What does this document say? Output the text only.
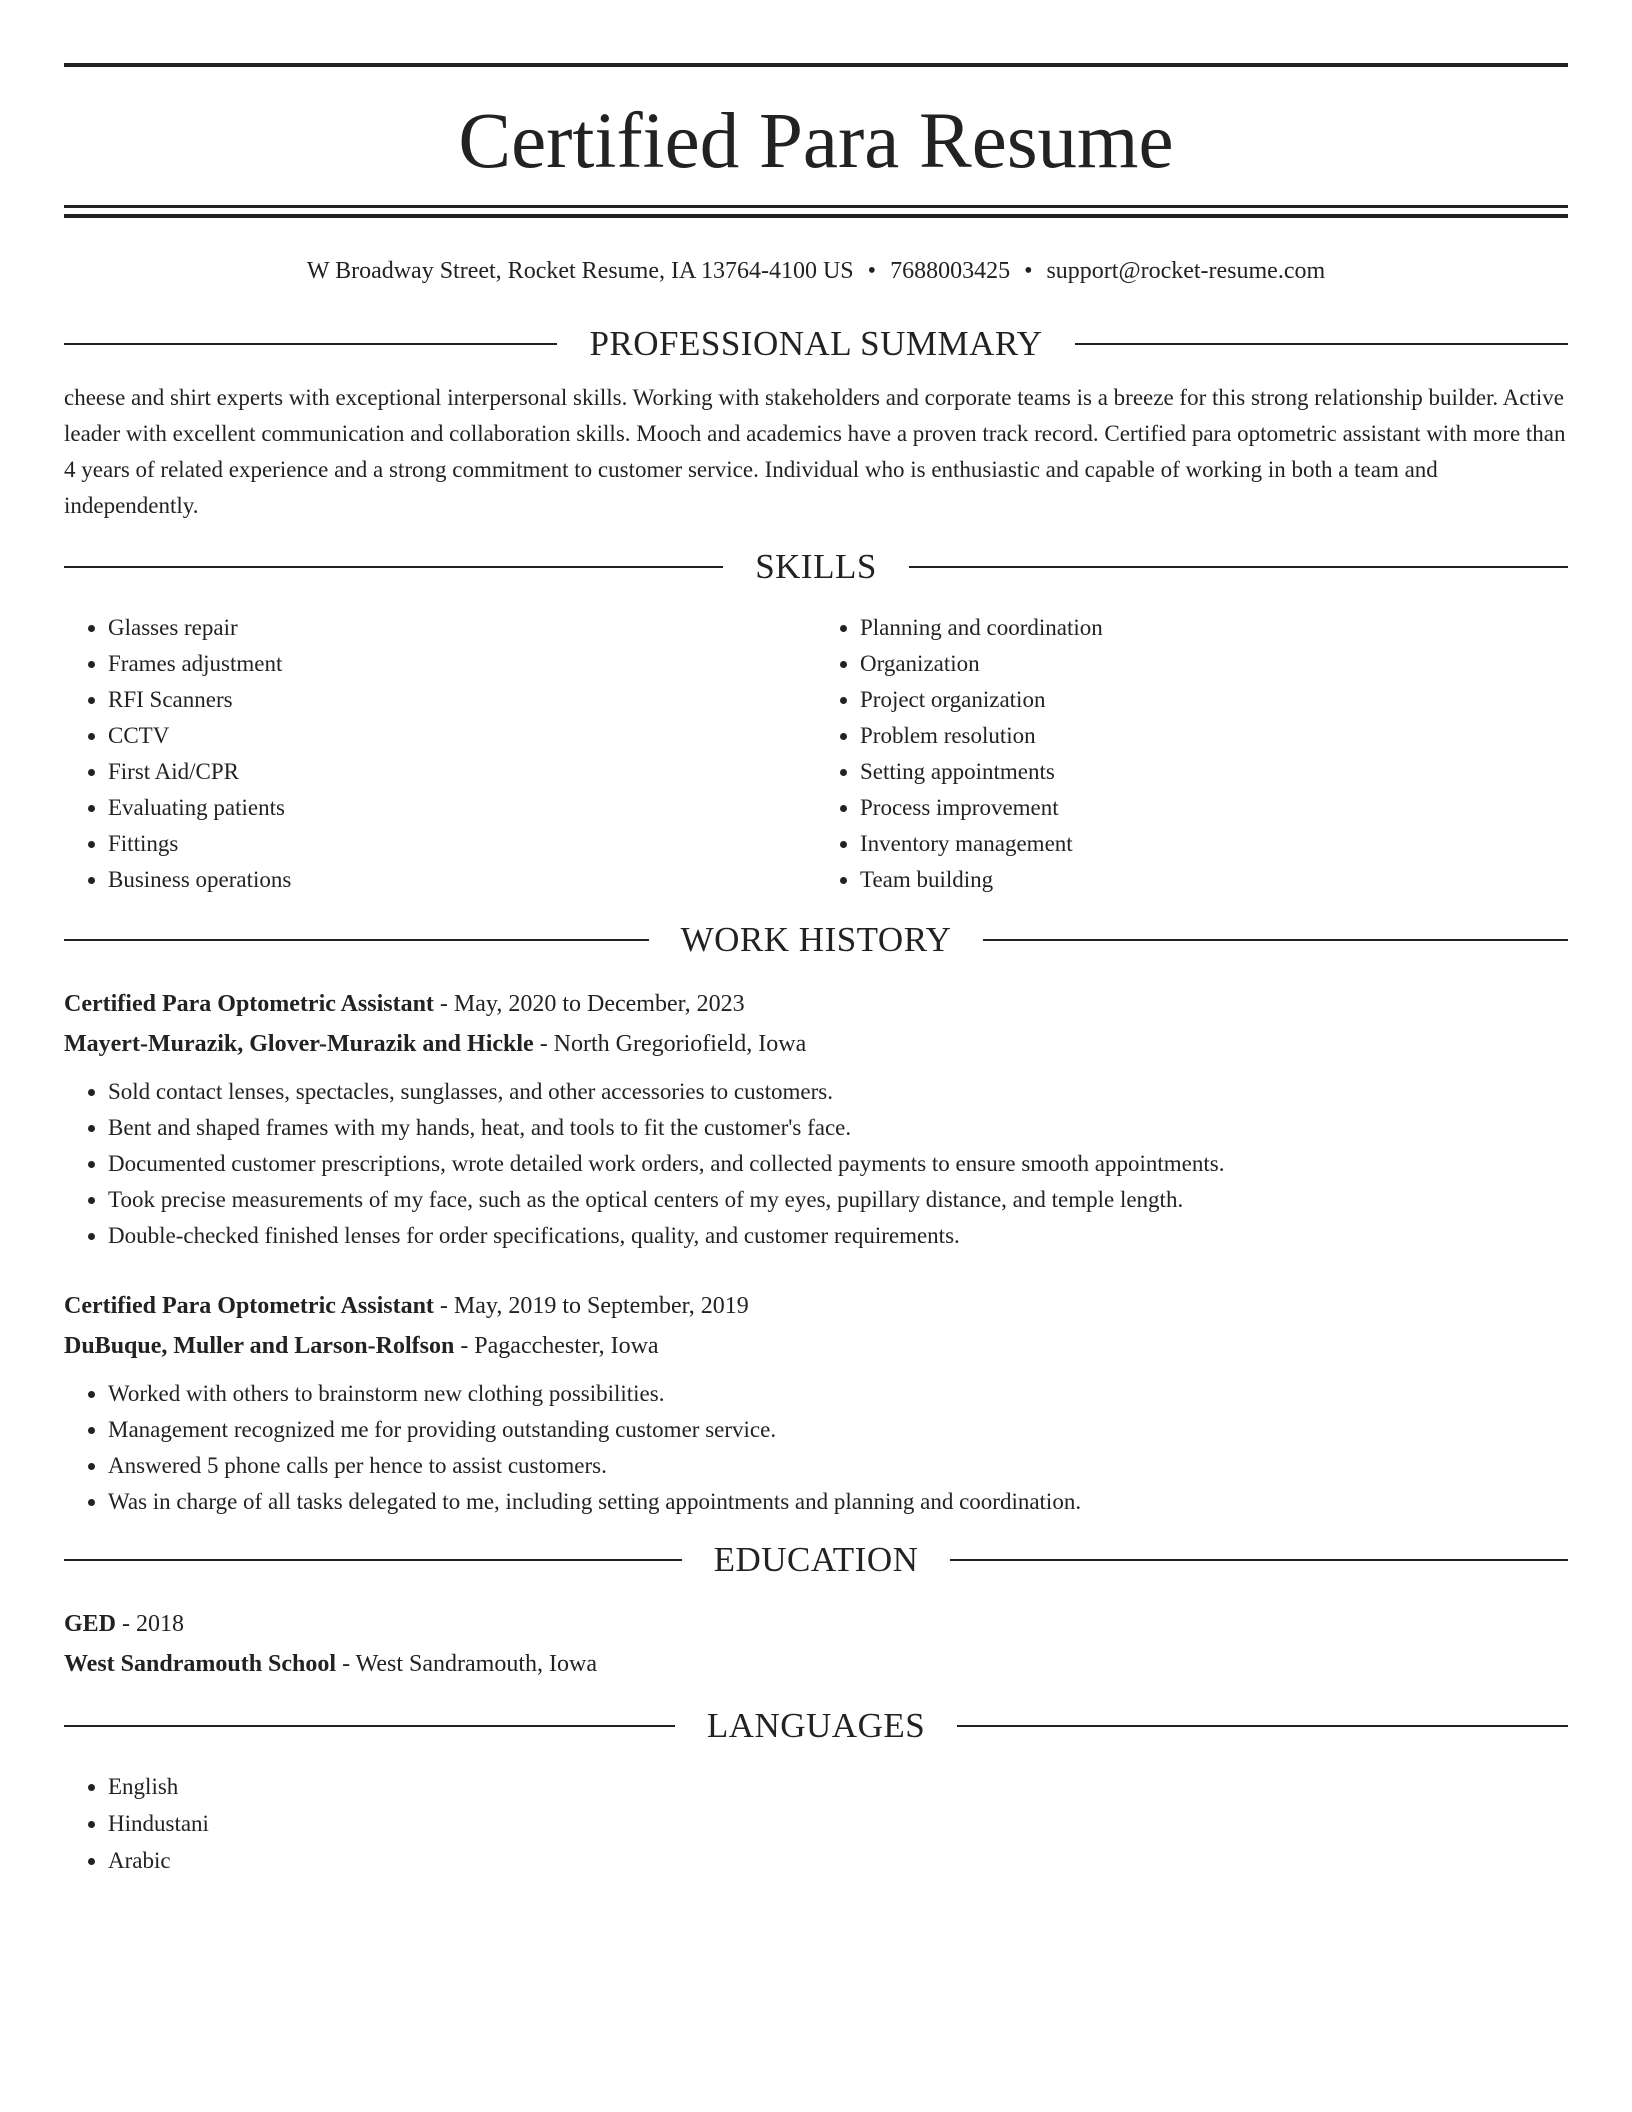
Certified Para Resume
W Broadway Street, Rocket Resume, IA 13764-4100 US • 7688003425 • support@rocket-resume.com
PROFESSIONAL SUMMARY

cheese and shirt experts with exceptional interpersonal skills. Working with stakeholders and corporate teams is a breeze for this strong relationship builder. Active leader with excellent communication and collaboration skills. Mooch and academics have a proven track record. Certified para optometric assistant with more than 4 years of related experience and a strong commitment to customer service. Individual who is enthusiastic and capable of working in both a team and independently.

SKILLS
• Glasses repair
• Frames adjustment
• RFI Scanners
• CCTV
• First Aid/CPR
• Evaluating patients
• Fittings
• Business operations
• Planning and coordination
• Organization
• Project organization
• Problem resolution
• Setting appointments
• Process improvement
• Inventory management
• Team building
WORK HISTORY
Certified Para Optometric Assistant - May, 2020 to December, 2023
Mayert-Murazik, Glover-Murazik and Hickle - North Gregoriofield, Iowa
• Sold contact lenses, spectacles, sunglasses, and other accessories to customers.
• Bent and shaped frames with my hands, heat, and tools to fit the customer's face.
• Documented customer prescriptions, wrote detailed work orders, and collected payments to ensure smooth appointments.
• Took precise measurements of my face, such as the optical centers of my eyes, pupillary distance, and temple length.
• Double-checked finished lenses for order specifications, quality, and customer requirements.
Certified Para Optometric Assistant - May, 2019 to September, 2019
DuBuque, Muller and Larson-Rolfson - Pagacchester, Iowa
• Worked with others to brainstorm new clothing possibilities.
• Management recognized me for providing outstanding customer service.
• Answered 5 phone calls per hence to assist customers.
• Was in charge of all tasks delegated to me, including setting appointments and planning and coordination.
EDUCATION
GED - 2018
West Sandramouth School - West Sandramouth, Iowa
LANGUAGES
• English
• Hindustani
• Arabic
